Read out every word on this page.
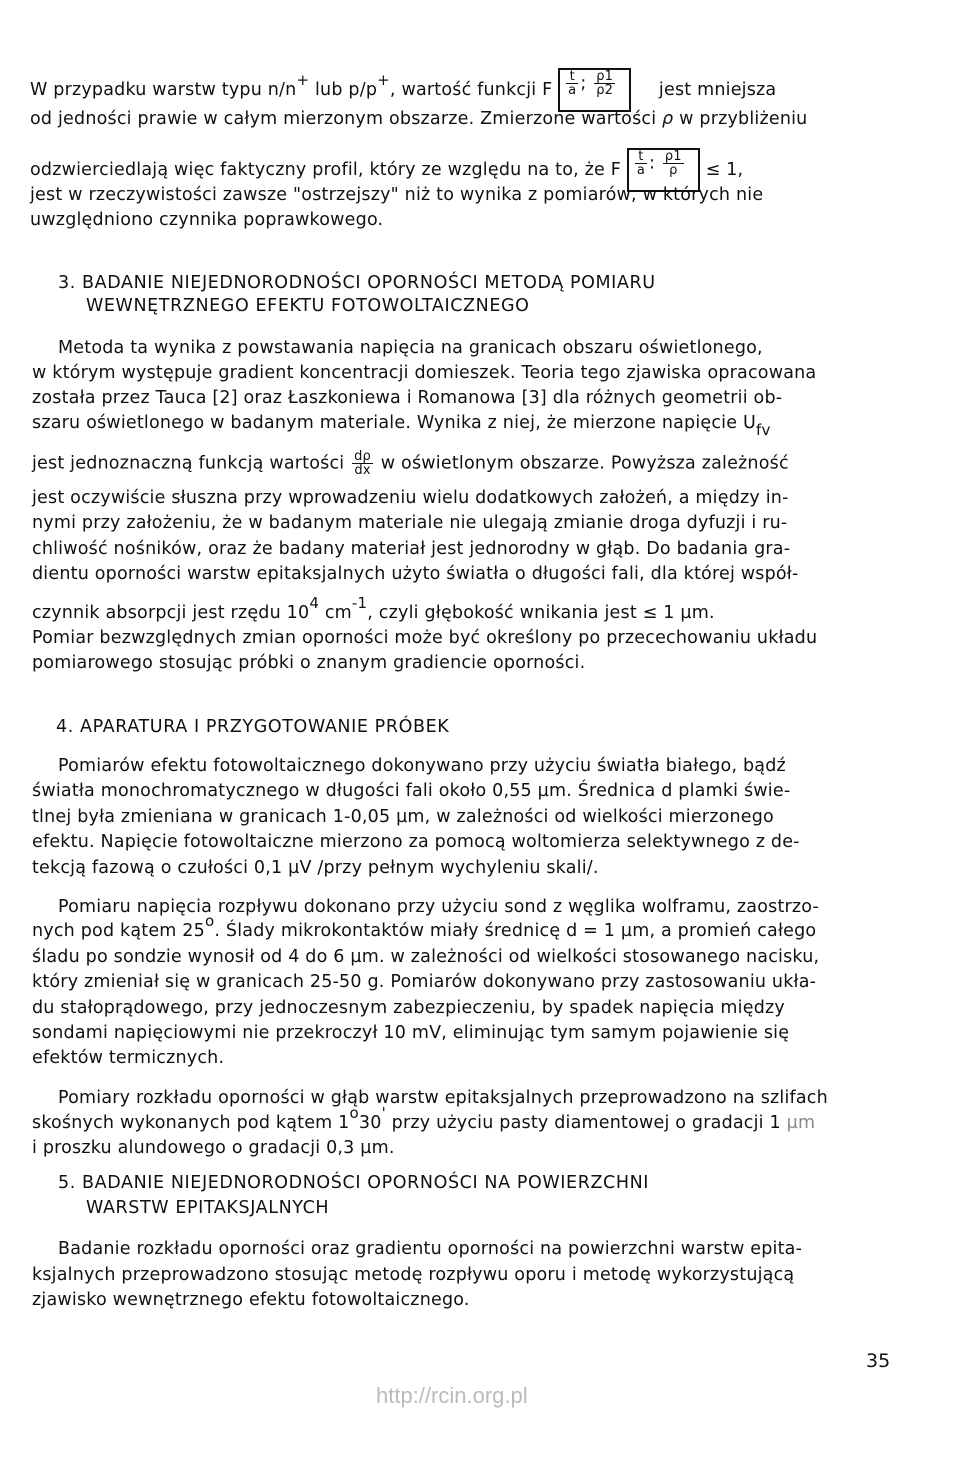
W przypadku warstw typu n/n+ lub p/p+, wartość funkcji F $\frac{t}{a}$ ; $\frac{\rho 1}{\rho 2}$	jest mniejsza
od jedności prawie w całym mierzonym obszarze. Zmierzone wartości ρ w przybliżeniu
odzwierciedlają więc faktyczny profil, który ze względu na to, że F $\frac{t}{a}$ : $\frac{\rho 1}{\rho} \le 1$,
jest w rzeczywistości zawsze "ostrzejszy" niż to wynika z pomiarów, w których nie
uwzględniono czynnika poprawkowego.
3. BADANIE NIEJEDNORODNOŚCI OPORNOŚCI METODĄ POMIARU
WEWNĘTRZNEGO EFEKTU FOTOWOLTAICZNEGO
Metoda ta wynika z powstawania napięcia na granicach obszaru oświetlonego,
w którym występuje gradient koncentracji domieszek. Teoria tego zjawiska opracowana
została przez Tauca [2] oraz Łaszkoniewa i Romanowa [3] dla różnych geometrii ob-
szaru oświetlonego w badanym materiale. Wynika z niej, że mierzone napięcie Ufv
jest jednoznaczną funkcją wartości $\frac{d\rho}{dx}$ w oświetlonym obszarze. Powyższa zależność
jest oczywiście słuszna przy wprowadzeniu wielu dodatkowych założeń, a między in-
nymi przy założeniu, że w badanym materiale nie ulegają zmianie droga dyfuzji i ru-
chliwość nośników, oraz że badany materiał jest jednorodny w głąb. Do badania gra-
dientu oporności warstw epitaksjalnych użyto światła o długości fali, dla której współ-
czynnik absorpcji jest rzędu 104 cm-1, czyli głębokość wnikania jest ≤ 1 µm.
Pomiar bezwzględnych zmian oporności może być określony po przecechowaniu układu
pomiarowego stosując próbki o znanym gradiencie oporności.
4. APARATURA I PRZYGOTOWANIE PRÓBEK
Pomiarów efektu fotowoltaicznego dokonywano przy użyciu światła białego, bądź
światła monochromatycznego w długości fali około 0,55 µm. Średnica d plamki świe-
tlnej była zmieniana w granicach 1-0,05 µm, w zależności od wielkości mierzonego
efektu. Napięcie fotowoltaiczne mierzono za pomocą woltomierza selektywnego z de-
tekcją fazową o czułości 0,1 µV /przy pełnym wychyleniu skali/.
Pomiaru napięcia rozpływu dokonano przy użyciu sond z węglika wolframu, zaostrzo-
nych pod kątem 25o. Ślady mikrokontaktów miały średnicę d = 1 µm, a promień całego
śladu po sondzie wynosił od 4 do 6 µm. w zależności od wielkości stosowanego nacisku,
który zmieniał się w granicach 25-50 g. Pomiarów dokonywano przy zastosowaniu ukła-
du stałoprądowego, przy jednoczesnym zabezpieczeniu, by spadek napięcia między
sondami napięciowymi nie przekroczył 10 mV, eliminując tym samym pojawienie się
efektów termicznych.
Pomiary rozkładu oporności w głąb warstw epitaksjalnych przeprowadzono na szlifach
skośnych wykonanych pod kątem 1o30' przy użyciu pasty diamentowej o gradacji 1 µm
i proszku alundowego o gradacji 0,3 µm.
5. BADANIE NIEJEDNORODNOŚCI OPORNOŚCI NA POWIERZCHNI
WARSTW EPITAKSJALNYCH
Badanie rozkładu oporności oraz gradientu oporności na powierzchni warstw epita-
ksjalnych przeprowadzono stosując metodę rozpływu oporu i metodę wykorzystującą
zjawisko wewnętrznego efektu fotowoltaicznego.
35
http://rcin.org.pl
